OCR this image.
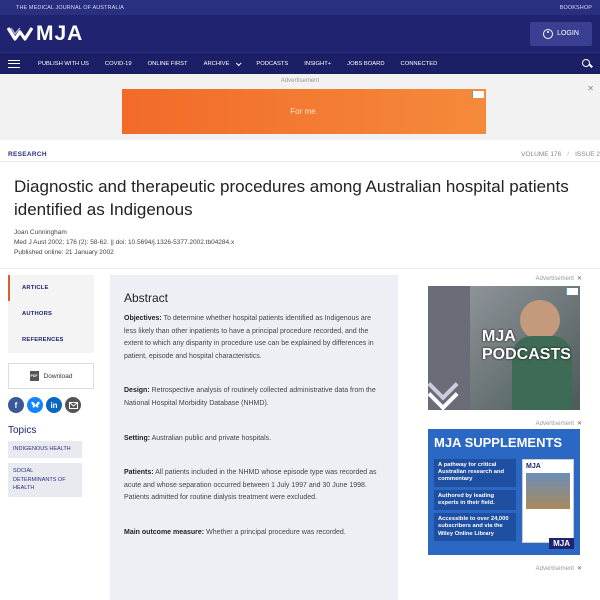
THE MEDICAL JOURNAL OF AUSTRALIA	BOOKSHOP
MJA	LOGIN
PUBLISH WITH US	COVID-19	ONLINE FIRST	ARCHIVE	PODCASTS	INSIGHT+	JOBS BOARD	CONNECTED
Advertisement
✕
For me.
RESEARCH	VOLUME 176 / ISSUE 2
Diagnostic and therapeutic procedures among Australian hospital patients identified as Indigenous
Joan Cunningham
Med J Aust 2002; 176 (2): 58-62. || doi: 10.5694/j.1326-5377.2002.tb04284.x
Published online: 21 January 2002
ARTICLE
AUTHORS
REFERENCES
PDF Download
f	in
Topics
INDIGENOUS HEALTH
SOCIAL DETERMINANTS OF HEALTH
Abstract

Objectives: To determine whether hospital patients identified as Indigenous are less likely than other inpatients to have a principal procedure recorded, and the extent to which any disparity in procedure use can be explained by differences in patient, episode and hospital characteristics.

Design: Retrospective analysis of routinely collected administrative data from the National Hospital Morbidity Database (NHMD).

Setting: Australian public and private hospitals.

Patients: All patients included in the NHMD whose episode type was recorded as acute and whose separation occurred between 1 July 1997 and 30 June 1998. Patients admitted for routine dialysis treatment were excluded.

Main outcome measure: Whether a principal procedure was recorded.

Advertisement ✕
MJA
PODCASTS
Advertisement ✕
MJA SUPPLEMENTS
A pathway for critical Australian research and commentary
Authored by leading experts in their field.
Accessible to over 24,000 subscribers and via the Wiley Online Library
MJA
MJA
Advertisement ✕
